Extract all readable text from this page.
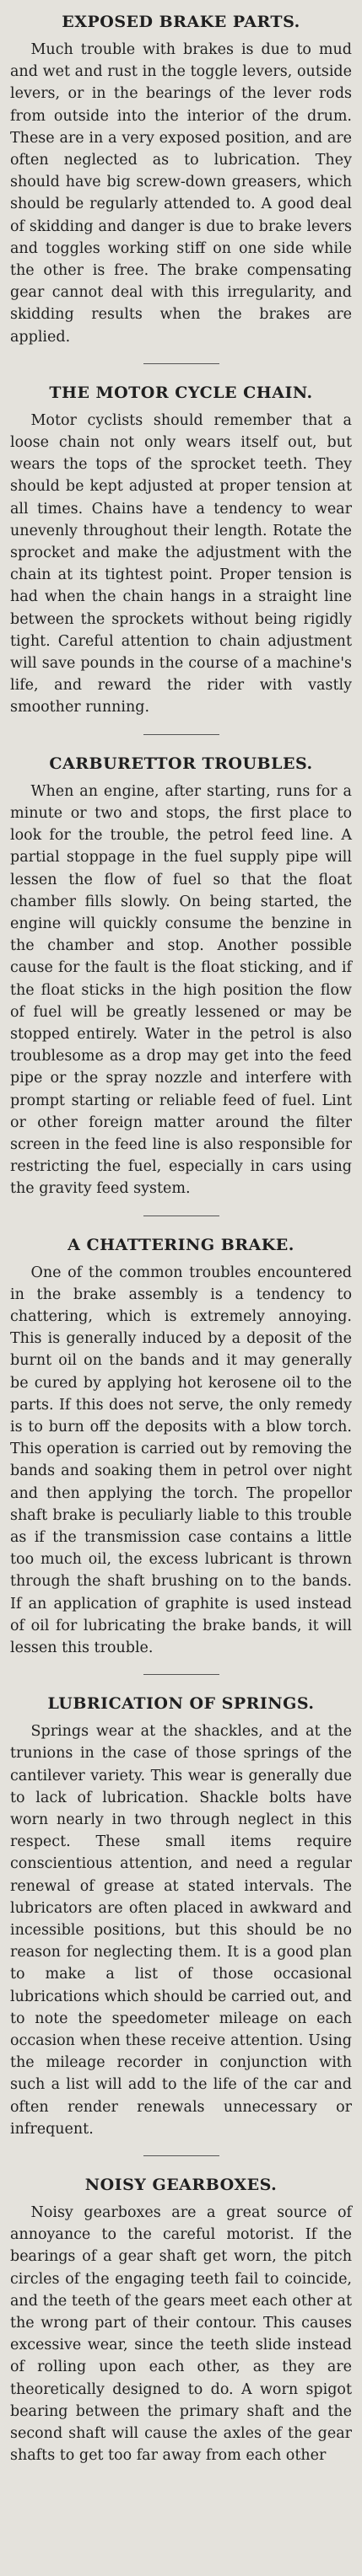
EXPOSED BRAKE PARTS.

Much trouble with brakes is due to mud and wet and rust in the toggle levers, outside levers, or in the bearings of the lever rods from outside into the interior of the drum. These are in a very exposed position, and are often neglected as to lubrication. They should have big screw-down greasers, which should be regularly attended to. A good deal of skidding and danger is due to brake levers and toggles working stiff on one side while the other is free. The brake compensating gear cannot deal with this irregularity, and skidding results when the brakes are applied.

THE MOTOR CYCLE CHAIN.

Motor cyclists should remember that a loose chain not only wears itself out, but wears the tops of the sprocket teeth. They should be kept adjusted at proper tension at all times. Chains have a tendency to wear unevenly throughout their length. Rotate the sprocket and make the adjustment with the chain at its tightest point. Proper tension is had when the chain hangs in a straight line between the sprockets without being rigidly tight. Careful attention to chain adjustment will save pounds in the course of a machine's life, and reward the rider with vastly smoother running.

CARBURETTOR TROUBLES.

When an engine, after starting, runs for a minute or two and stops, the first place to look for the trouble, the petrol feed line. A partial stoppage in the fuel supply pipe will lessen the flow of fuel so that the float chamber fills slowly. On being started, the engine will quickly consume the benzine in the chamber and stop. Another possible cause for the fault is the float sticking, and if the float sticks in the high position the flow of fuel will be greatly lessened or may be stopped entirely. Water in the petrol is also troublesome as a drop may get into the feed pipe or the spray nozzle and interfere with prompt starting or reliable feed of fuel. Lint or other foreign matter around the filter screen in the feed line is also responsible for restricting the fuel, especially in cars using the gravity feed system.

A CHATTERING BRAKE.

One of the common troubles encountered in the brake assembly is a tendency to chattering, which is extremely annoying. This is generally induced by a deposit of the burnt oil on the bands and it may generally be cured by applying hot kerosene oil to the parts. If this does not serve, the only remedy is to burn off the deposits with a blow torch. This operation is carried out by removing the bands and soaking them in petrol over night and then applying the torch. The propellor shaft brake is peculiarly liable to this trouble as if the transmission case contains a little too much oil, the excess lubricant is thrown through the shaft brushing on to the bands. If an application of graphite is used instead of oil for lubricating the brake bands, it will lessen this trouble.

LUBRICATION OF SPRINGS.

Springs wear at the shackles, and at the trunions in the case of those springs of the cantilever variety. This wear is generally due to lack of lubrication. Shackle bolts have worn nearly in two through neglect in this respect. These small items require conscientious attention, and need a regular renewal of grease at stated intervals. The lubricators are often placed in awkward and incessible positions, but this should be no reason for neglecting them. It is a good plan to make a list of those occasional lubrications which should be carried out, and to note the speedometer mileage on each occasion when these receive attention. Using the mileage recorder in conjunction with such a list will add to the life of the car and often render renewals unnecessary or infrequent.

NOISY GEARBOXES.

Noisy gearboxes are a great source of annoyance to the careful motorist. If the bearings of a gear shaft get worn, the pitch circles of the engaging teeth fail to coincide, and the teeth of the gears meet each other at the wrong part of their contour. This causes excessive wear, since the teeth slide instead of rolling upon each other, as they are theoretically designed to do. A worn spigot bearing between the primary shaft and the second shaft will cause the axles of the gear shafts to get too far away from each other
